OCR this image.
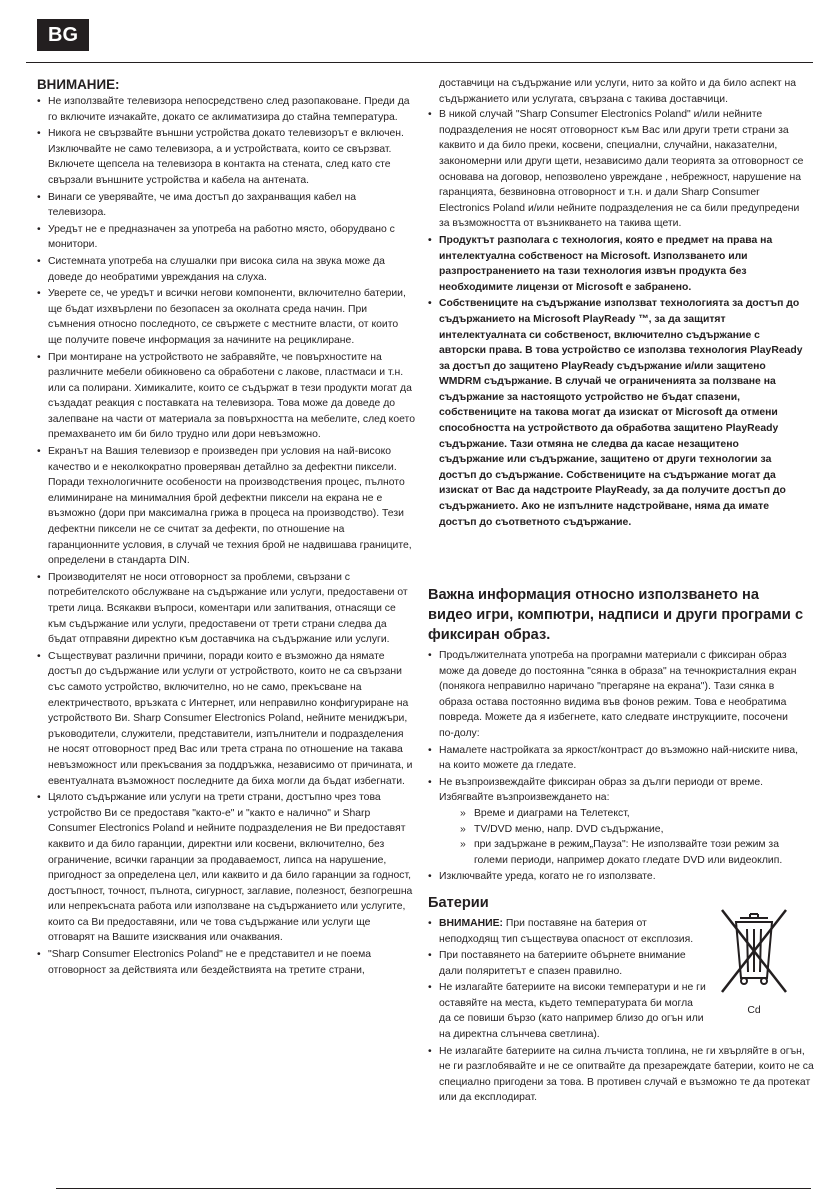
BG
ВНИМАНИЕ:
• Не използвайте телевизора непосредствено след разопаковане. Преди да го включите изчакайте, докато се аклиматизира до стайна температура.
• Никога не свързвайте външни устройства докато телевизорът е включен. Изключвайте не само телевизора, а и устройствата, които се свързват. Включете щепсела на телевизора в контакта на стената, след като сте свързали външните устройства и кабела на антената.
• Винаги се уверявайте, че има достъп до захранващия кабел на телевизора.
• Уредът не е предназначен за употреба на работно място, оборудвано с монитори.
• Системната употреба на слушалки при висока сила на звука може да доведе до необратими увреждания на слуха.
• Уверете се, че уредът и всички негови компоненти, включително батерии, ще бъдат изхвърлени по безопасен за околната среда начин. При съмнения относно последното, се свържете с местните власти, от които ще получите повече информация за начините на рециклиране.
• При монтиране на устройството не забравяйте, че повърхностите на различните мебели обикновено са обработени с лакове, пластмаси и т.н. или са полирани. Химикалите, които се съдържат в тези продукти могат да създадат реакция с поставката на телевизора. Това може да доведе до залепване на части от материала за повърхността на мебелите, след което премахването им би било трудно или дори невъзможно.
• Екранът на Вашия телевизор е произведен при условия на най-високо качество и е неколкократно проверяван детайлно за дефектни пиксели. Поради технологичните особености на производствения процес, пълното елиминиране на минималния брой дефектни пиксели на екрана не е възможно (дори при максимална грижа в процеса на производство). Тези дефектни пиксели не се считат за дефекти, по отношение на гаранционните условия, в случай че техния брой не надвишава границите, определени в стандарта DIN.
• Производителят не носи отговорност за проблеми, свързани с потребителското обслужване на съдържание или услуги, предоставени от трети лица. Всякакви въпроси, коментари или запитвания, отнасящи се към съдържание или услуги, предоставени от трети страни следва да бъдат отправяни директно към доставчика на съдържание или услуги.
• Съществуват различни причини, поради които е възможно да нямате достъп до съдържание или услуги от устройството, които не са свързани със самото устройство, включително, но не само, прекъсване на електричеството, връзката с Интернет, или неправилно конфигуриране на устройството Ви. Sharp Consumer Electronics Poland, нейните мениджъри, ръководители, служители, представители, изпълнители и подразделения не носят отговорност пред Вас или трета страна по отношение на такава невъзможност или прекъсвания за поддръжка, независимо от причината, и евентуалната възможност последните да биха могли да бъдат избегнати.
• Цялото съдържание или услуги на трети страни, достъпно чрез това устройство Ви се предоставя "както-е" и "както е налично" и Sharp Consumer Electronics Poland и нейните подразделения не Ви предоставят каквито и да било гаранции, директни или косвени, включително, без ограничение, всички гаранции за продаваемост, липса на нарушение, пригодност за определена цел, или каквито и да било гаранции за годност, достъпност, точност, пълнота, сигурност, заглавие, полезност, безпогрешна или непрекъсната работа или използване на съдържанието или услугите, които са Ви предоставяни, или че това съдържание или услуги ще отговарят на Вашите изисквания или очаквания.
• "Sharp Consumer Electronics Poland" не е представител и не поема отговорност за действията или бездействията на третите страни,
доставчици на съдържание или услуги, нито за който и да било аспект на съдържанието или услугата, свързана с такива доставчици.
• В никой случай "Sharp Consumer Electronics Poland" и/или нейните подразделения не носят отговорност към Вас или други трети страни за каквито и да било преки, косвени, специални, случайни, наказателни, закономерни или други щети, независимо дали теорията за отговорност се основава на договор, непозволено увреждане , небрежност, нарушение на гаранцията, безвиновна отговорност и т.н. и дали Sharp Consumer Electronics Poland и/или нейните подразделения не са били предупредени за възможността от възникването на такива щети.
• Продуктът разполага с технология, която е предмет на права на интелектуална собственост на Microsoft. Използването или разпространението на тази технология извън продукта без необходимите лицензи от Microsoft е забранено.
• Собствениците на съдържание използват технологията за достъп до съдържанието на Microsoft PlayReady ™, за да защитят интелектуалната си собственост, включително съдържание с авторски права. В това устройство се използва технология PlayReady за достъп до защитено PlayReady съдържание и/или защитено WMDRM съдържание. В случай че ограниченията за ползване на съдържание за настоящото устройство не бъдат спазени, собствениците на такова могат да изискат от Microsoft да отмени способността на устройството да обработва защитено PlayReady съдържание. Тази отмяна не следва да касае незащитено съдържание или съдържание, защитено от други технологии за достъп до съдържание. Собствениците на съдържание могат да изискат от Вас да надстроите PlayReady, за да получите достъп до съдържанието. Ако не изпълните надстройване, няма да имате достъп до съответното съдържание.
Важна информация относно използването на видео игри, компютри, надписи и други програми с фиксиран образ.
• Продължителната употреба на програмни материали с фиксиран образ може да доведе до постоянна "сянка в образа" на течнокристалния екран (понякога неправилно наричано "прегаряне на екрана"). Тази сянка в образа остава постоянно видима във фонов режим. Това е необратима повреда. Можете да я избегнете, като следвате инструкциите, посочени по-долу:
• Намалете настройката за яркост/контраст до възможно най-ниските нива, на които можете да гледате.
• Не възпроизвеждайте фиксиран образ за дълги периоди от време. Избягвайте възпроизвеждането на:
» Време и диаграми на Телетекст,
» TV/DVD меню, напр. DVD съдържание,
» при задържане в режим„Пауза": Не използвайте този режим за големи периоди, например докато гледате DVD или видеоклип.
• Изключвайте уреда, когато не го използвате.
Батерии
• ВНИМАНИЕ: При поставяне на батерия от неподходящ тип съществува опасност от експлозия.
• При поставянето на батериите обърнете внимание дали поляритетът е спазен правилно.
• Не излагайте батериите на високи температури и не ги оставяйте на места, където температурата би могла да се повиши бързо (като например близо до огън или на директна слънчева светлина).
• Не излагайте батериите на силна лъчиста топлина, не ги хвърляйте в огън, не ги разглобявайте и не се опитвайте да презареждате батерии, които не са специално пригодени за това. В противен случай е възможно те да протекат или да експлодират.
Cd
